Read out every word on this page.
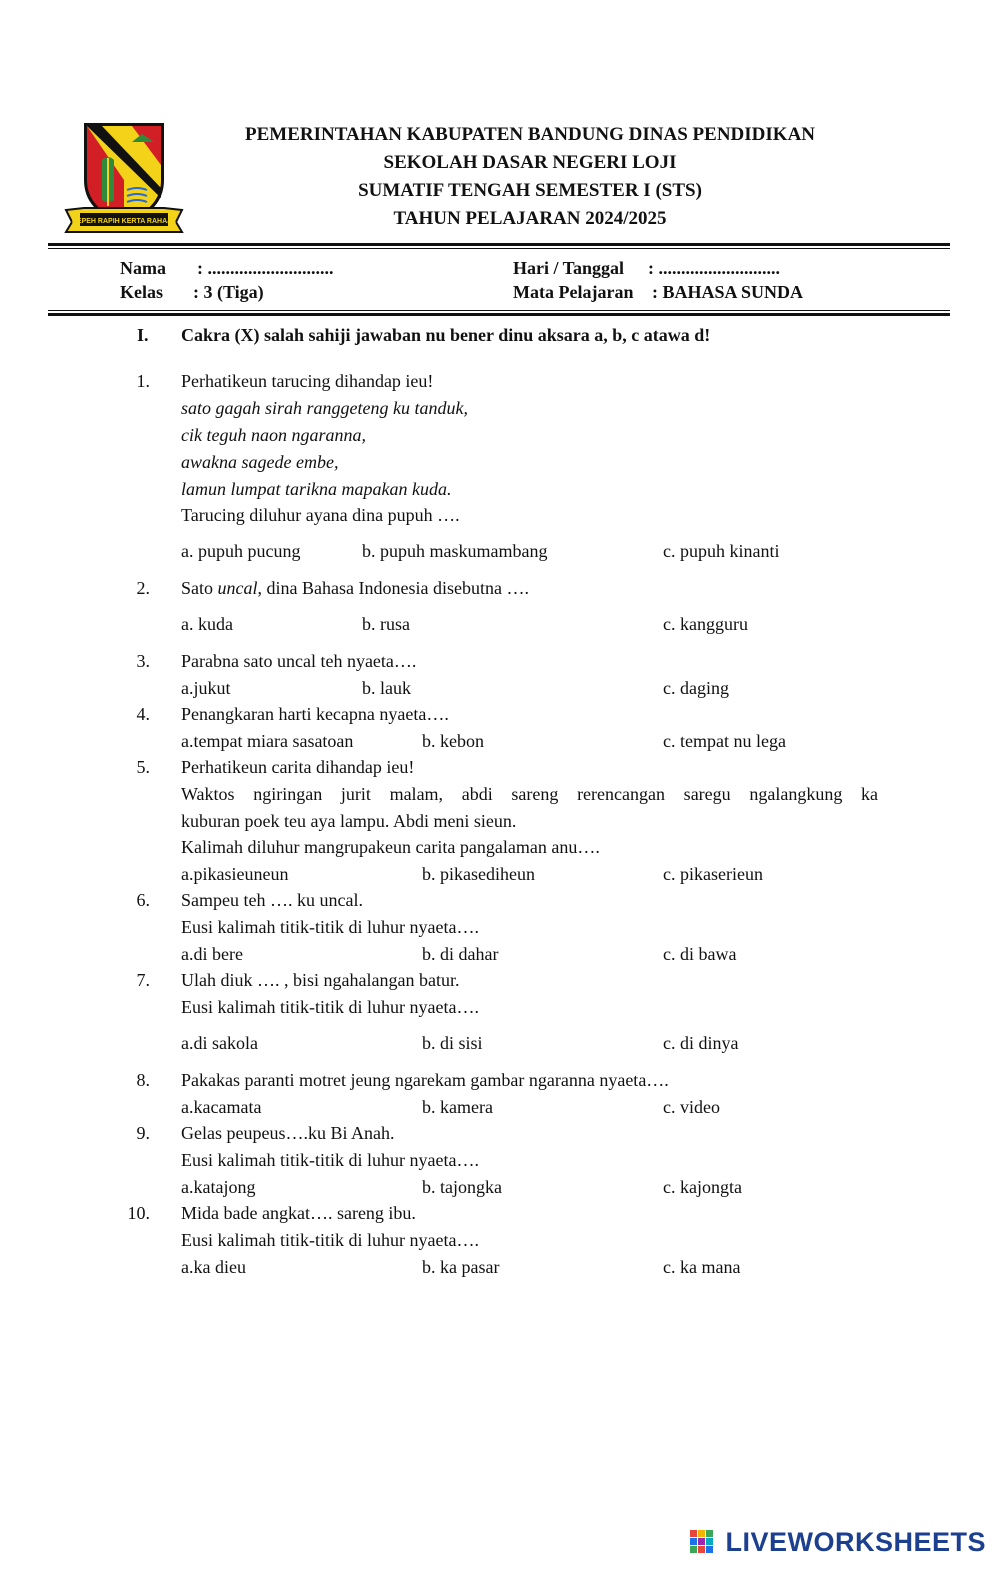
REPEH RAPIH KERTA RAHAJA
PEMERINTAHAN KABUPATEN BANDUNG DINAS PENDIDIKAN
SEKOLAH DASAR NEGERI LOJI
SUMATIF TENGAH SEMESTER I (STS)
TAHUN PELAJARAN 2024/2025
Nama : ............................
Kelas : 3 (Tiga)
Hari / Tanggal : ...........................
Mata Pelajaran : BAHASA SUNDA
I. Cakra (X) salah sahiji jawaban nu bener dinu aksara a, b, c atawa d!
1. Perhatikeun tarucing dihandap ieu!
sato gagah sirah ranggeteng ku tanduk,
cik teguh naon ngaranna,
awakna sagede embe,
lamun lumpat tarikna mapakan kuda.
Tarucing diluhur ayana dina pupuh ….
a. pupuh pucung	b. pupuh maskumambang	c. pupuh kinanti
2. Sato uncal, dina Bahasa Indonesia disebutna ….
a. kuda	b. rusa	c. kangguru
3. Parabna sato uncal teh nyaeta….
a.jukut	b. lauk	c. daging
4. Penangkaran harti kecapna nyaeta….
a.tempat miara sasatoan	b. kebon	c. tempat nu lega
5. Perhatikeun carita dihandap ieu!
Waktos ngiringan jurit malam, abdi sareng rerencangan saregu ngalangkung ka
kuburan poek teu aya lampu. Abdi meni sieun.
Kalimah diluhur mangrupakeun carita pangalaman anu….
a.pikasieuneun	b. pikasediheun	c. pikaserieun
6. Sampeu teh …. ku uncal.
Eusi kalimah titik-titik di luhur nyaeta….
a.di bere	b. di dahar	c. di bawa
7. Ulah diuk …. , bisi ngahalangan batur.
Eusi kalimah titik-titik di luhur nyaeta….
a.di sakola	b. di sisi	c. di dinya
8. Pakakas paranti motret jeung ngarekam gambar ngaranna nyaeta….
a.kacamata	b. kamera	c. video
9. Gelas peupeus….ku Bi Anah.
Eusi kalimah titik-titik di luhur nyaeta….
a.katajong	b. tajongka	c. kajongta
10. Mida bade angkat…. sareng ibu.
Eusi kalimah titik-titik di luhur nyaeta….
a.ka dieu	b. ka pasar	c. ka mana
LIVEWORKSHEETS
